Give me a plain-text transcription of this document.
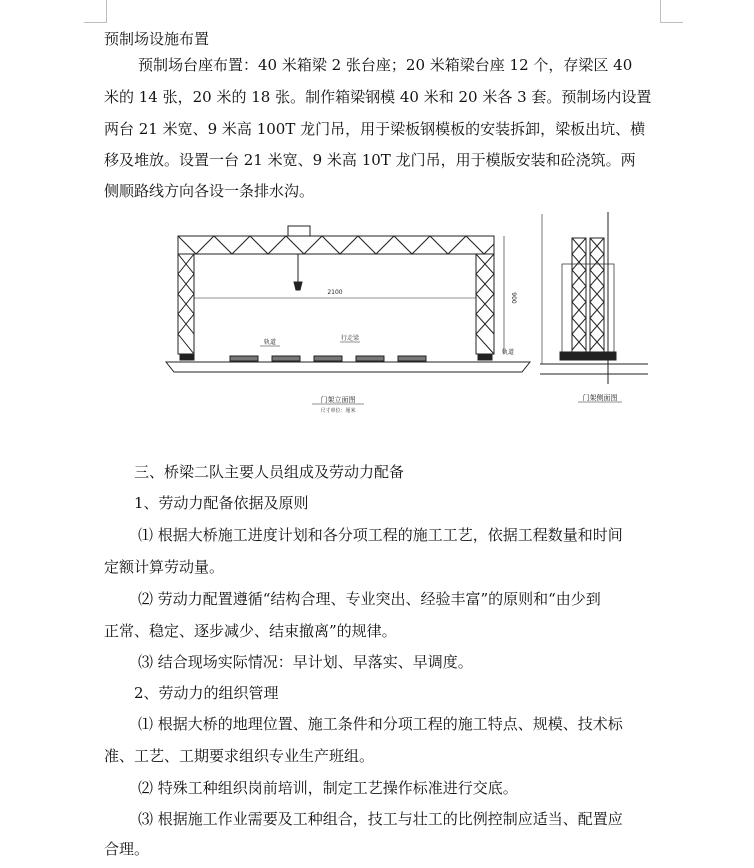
预制场设施布置
预制场台座布置：40 米箱梁 2 张台座；20 米箱梁台座 12 个，存梁区 40
米的 14 张，20 米的 18 张。制作箱梁钢模 40 米和 20 米各 3 套。预制场内设置
两台 21 米宽、9 米高 100T 龙门吊，用于梁板钢模板的安装拆卸，梁板出坑、横
移及堆放。设置一台 21 米宽、9 米高 10T 龙门吊，用于模版安装和砼浇筑。两
侧顺路线方向各设一条排水沟。
2100	900
轨道
行走梁
轨道
门架立面图
尺寸单位：厘米
门架侧面图
三、桥梁二队主要人员组成及劳动力配备
1、劳动力配备依据及原则
⑴ 根据大桥施工进度计划和各分项工程的施工工艺，依据工程数量和时间
定额计算劳动量。
⑵ 劳动力配置遵循“结构合理、专业突出、经验丰富”的原则和“由少到
正常、稳定、逐步减少、结束撤离”的规律。
⑶ 结合现场实际情况：早计划、早落实、早调度。
2、劳动力的组织管理
⑴ 根据大桥的地理位置、施工条件和分项工程的施工特点、规模、技术标
准、工艺、工期要求组织专业生产班组。
⑵ 特殊工种组织岗前培训，制定工艺操作标准进行交底。
⑶ 根据施工作业需要及工种组合，技工与壮工的比例控制应适当、配置应
合理。
